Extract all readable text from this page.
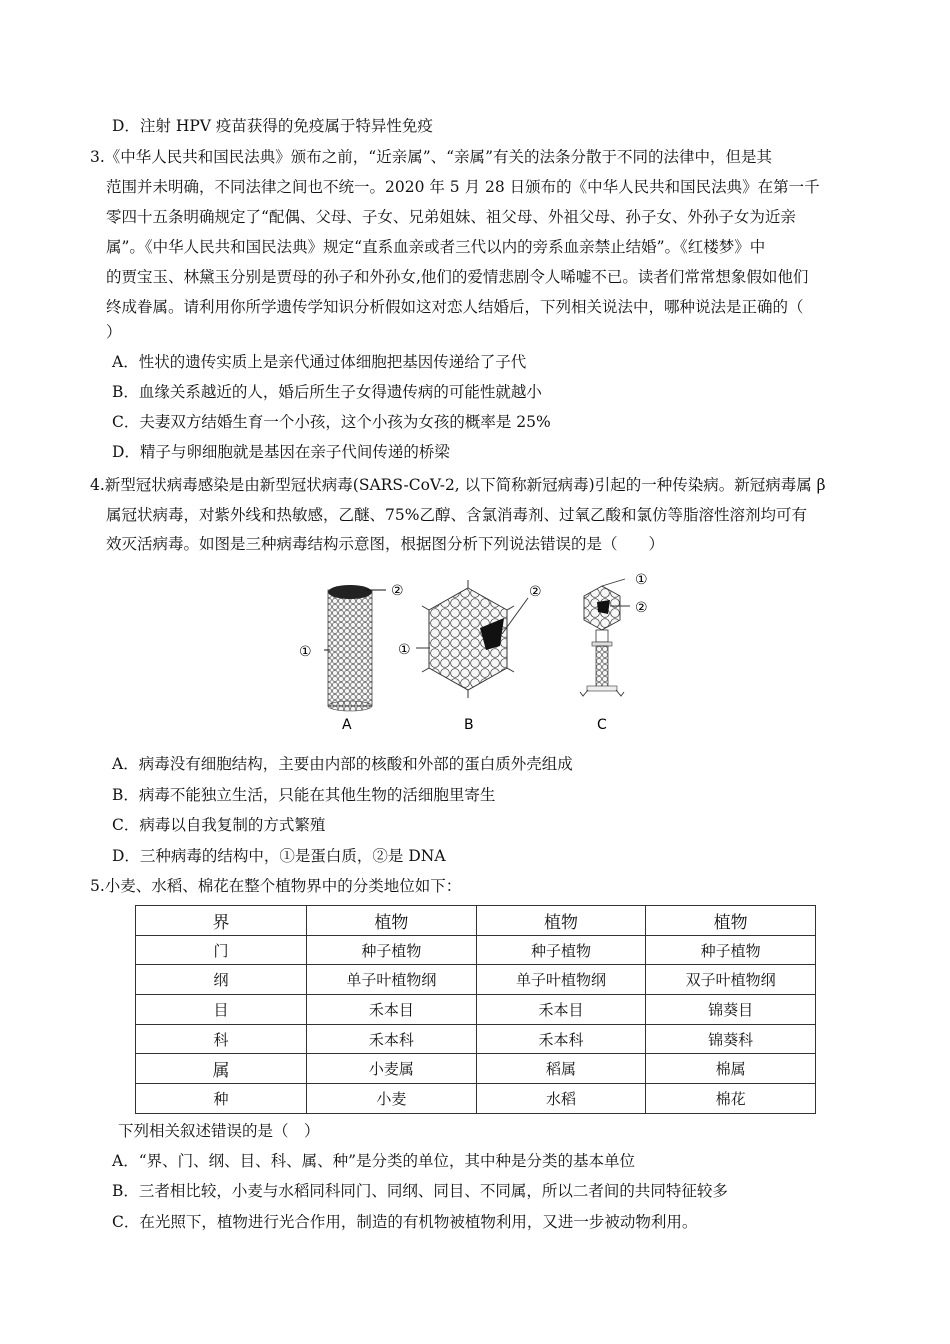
D．注射 HPV 疫苗获得的免疫属于特异性免疫
3.《中华人民共和国民法典》颁布之前，“近亲属”、“亲属”有关的法条分散于不同的法律中，但是其
范围并未明确，不同法律之间也不统一。2020 年 5 月 28 日颁布的《中华人民共和国民法典》在第一千
零四十五条明确规定了“配偶、父母、子女、兄弟姐妹、祖父母、外祖父母、孙子女、外孙子女为近亲
属”。《中华人民共和国民法典》规定“直系血亲或者三代以内的旁系血亲禁止结婚”。《红楼梦》中
的贾宝玉、林黛玉分别是贾母的孙子和外孙女,他们的爱情悲剧令人唏嘘不已。读者们常常想象假如他们
终成眷属。请利用你所学遗传学知识分析假如这对恋人结婚后，下列相关说法中，哪种说法是正确的（
）
A．性状的遗传实质上是亲代通过体细胞把基因传递给了子代
B．血缘关系越近的人，婚后所生子女得遗传病的可能性就越小
C．夫妻双方结婚生育一个小孩，这个小孩为女孩的概率是 25%
D．精子与卵细胞就是基因在亲子代间传递的桥梁
4.新型冠状病毒感染是由新型冠状病毒(SARS-CoV-2, 以下简称新冠病毒)引起的一种传染病。新冠病毒属 β
属冠状病毒，对紫外线和热敏感，乙醚、75%乙醇、含氯消毒剂、过氧乙酸和氯仿等脂溶性溶剂均可有
效灭活病毒。如图是三种病毒结构示意图，根据图分析下列说法错误的是（　　）
②
①
A
②
①
B
①
②
C
A．病毒没有细胞结构，主要由内部的核酸和外部的蛋白质外壳组成
B．病毒不能独立生活，只能在其他生物的活细胞里寄生
C．病毒以自我复制的方式繁殖
D．三种病毒的结构中，①是蛋白质，②是 DNA
5.小麦、水稻、棉花在整个植物界中的分类地位如下：
界	植物	植物	植物
门	种子植物	种子植物	种子植物
纲	单子叶植物纲	单子叶植物纲	双子叶植物纲
目	禾本目	禾本目	锦葵目
科	禾本科	禾本科	锦葵科
属	小麦属	稻属	棉属
种	小麦	水稻	棉花
下列相关叙述错误的是（　）
A．“界、门、纲、目、科、属、种”是分类的单位，其中种是分类的基本单位
B．三者相比较，小麦与水稻同科同门、同纲、同目、不同属，所以二者间的共同特征较多
C．在光照下，植物进行光合作用，制造的有机物被植物利用，又进一步被动物利用。
